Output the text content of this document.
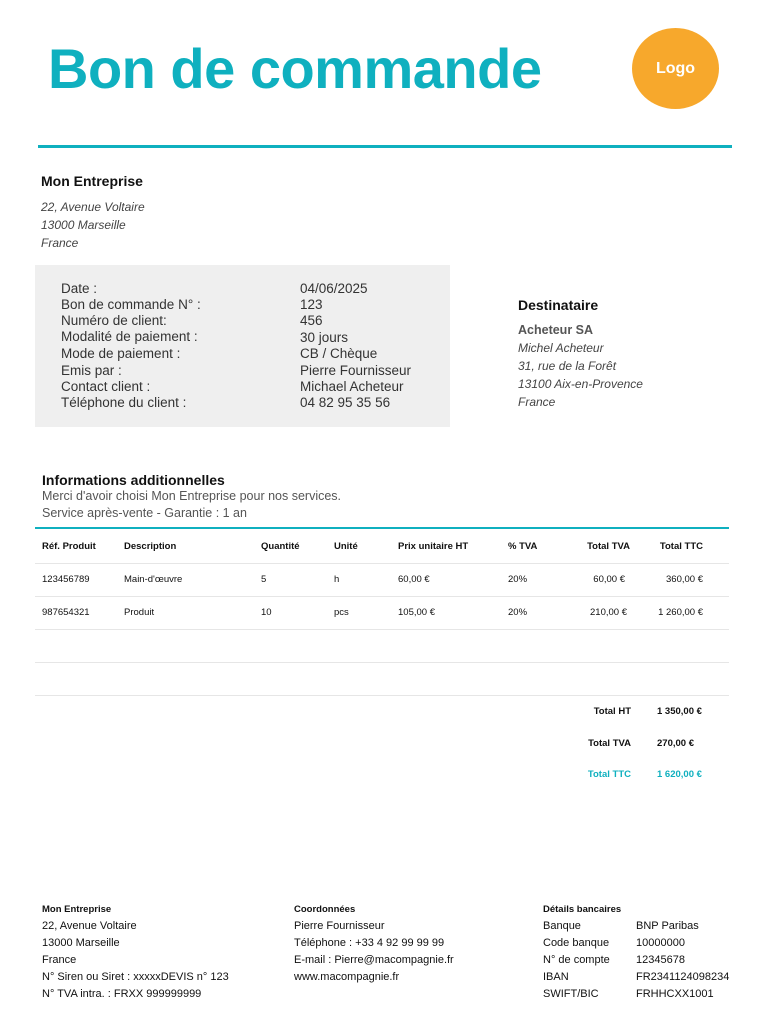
Bon de commande	Logo
Mon Entreprise
22, Avenue Voltaire
13000 Marseille
France
Date :	04/06/2025
Bon de commande N° :	123
Numéro de client:	456
Modalité de paiement :	30 jours
Mode de paiement :	CB / Chèque
Emis par :	Pierre Fournisseur
Contact client :	Michael Acheteur
Téléphone du client :	04 82 95 35 56
Destinataire
Acheteur SA
Michel Acheteur
31, rue de la Forêt
13100 Aix-en-Provence
France
Informations additionnelles
Merci d'avoir choisi Mon Entreprise pour nos services.
Service après-vente - Garantie : 1 an
Réf. Produit	Description	Quantité	Unité	Prix unitaire HT	% TVA	Total TVA	Total TTC
123456789	Main-d'œuvre	5	h	60,00 €	20%	60,00 €	360,00 €
987654321	Produit	10	pcs	105,00 €	20%	210,00 €	1 260,00 €
Total HT	1 350,00 €
Total TVA	270,00 €
Total TTC	1 620,00 €
Mon Entreprise
22, Avenue Voltaire
13000 Marseille
France
N° Siren ou Siret : xxxxxDEVIS n° 123
N° TVA intra. : FRXX 999999999
Coordonnées
Pierre Fournisseur
Téléphone : +33 4 92 99 99 99
E-mail : Pierre@macompagnie.fr
www.macompagnie.fr
Détails bancaires
Banque	BNP Paribas
Code banque 10000000
N° de compte 12345678
IBAN	FR2341124098234
SWIFT/BIC	FRHHCXX1001
